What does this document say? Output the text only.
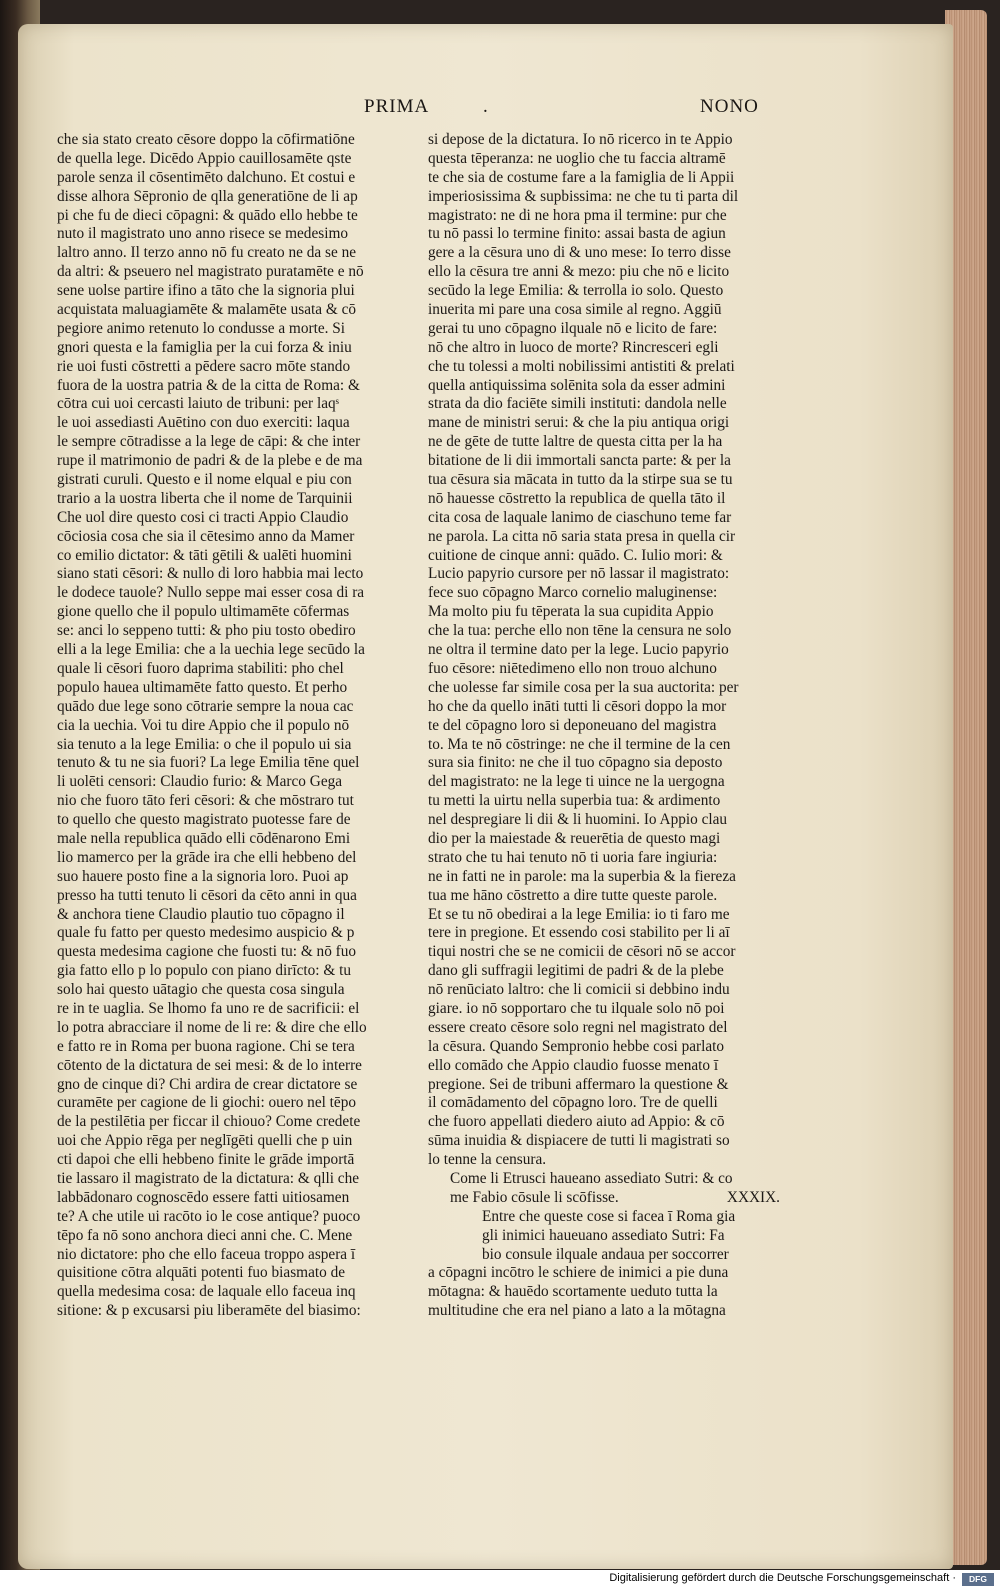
PRIMA	.	NONO
che sia stato creato cēsore doppo la cōfirmatiōne
de quella lege. Dicēdo Appio cauillosamēte qste
parole senza il cōsentimēto dalchuno. Et costui e
disse alhora Sēpronio de qlla generatiōne de li ap
pi che fu de dieci cōpagni: & quādo ello hebbe te
nuto il magistrato uno anno risece se medesimo
laltro anno. Il terzo anno nō fu creato ne da se ne
da altri: & pseuero nel magistrato puratamēte e nō
sene uolse partire ifino a tāto che la signoria plui
acquistata maluagiamēte & malamēte usata & cō
pegiore animo retenuto lo condusse a morte. Si
gnori questa e la famiglia per la cui forza & iniu
rie uoi fusti cōstretti a pēdere sacro mōte stando
fuora de la uostra patria & de la citta de Roma: &
cōtra cui uoi cercasti laiuto de tribuni: per laqˢ
le uoi assediasti Auētino con duo exerciti: laqua
le sempre cōtradisse a la lege de cāpi: & che inter
rupe il matrimonio de padri & de la plebe e de ma
gistrati curuli. Questo e il nome elqual e piu con
trario a la uostra liberta che il nome de Tarquinii
Che uol dire questo cosi ci tracti Appio Claudio
cōciosia cosa che sia il cētesimo anno da Mamer
co emilio dictator: & tāti gētili & ualēti huomini
siano stati cēsori: & nullo di loro habbia mai lecto
le dodece tauole? Nullo seppe mai esser cosa di ra
gione quello che il populo ultimamēte cōfermas
se: anci lo seppeno tutti: & pho piu tosto obediro
elli a la lege Emilia: che a la uechia lege secūdo la
quale li cēsori fuoro daprima stabiliti: pho chel
populo hauea ultimamēte fatto questo. Et perho
quādo due lege sono cōtrarie sempre la noua cac
cia la uechia. Voi tu dire Appio che il populo nō
sia tenuto a la lege Emilia: o che il populo ui sia
tenuto & tu ne sia fuori? La lege Emilia tēne quel
li uolēti censori: Claudio furio: & Marco Gega
nio che fuoro tāto feri cēsori: & che mōstraro tut
to quello che questo magistrato puotesse fare de
male nella republica quādo elli cōdēnarono Emi
lio mamerco per la grāde ira che elli hebbeno del
suo hauere posto fine a la signoria loro. Puoi ap
presso ha tutti tenuto li cēsori da cēto anni in qua
& anchora tiene Claudio plautio tuo cōpagno il
quale fu fatto per questo medesimo auspicio & p
questa medesima cagione che fuosti tu: & nō fuo
gia fatto ello p lo populo con piano dirīcto: & tu
solo hai questo uātagio che questa cosa singula
re in te uaglia. Se lhomo fa uno re de sacrificii: el
lo potra abracciare il nome de li re: & dire che ello
e fatto re in Roma per buona ragione. Chi se tera
cōtento de la dictatura de sei mesi: & de lo interre
gno de cinque di? Chi ardira de crear dictatore se
curamēte per cagione de li giochi: ouero nel tēpo
de la pestilētia per ficcar il chiouo? Come credete
uoi che Appio rēga per neglīgēti quelli che p uin
cti dapoi che elli hebbeno finite le grāde importā
tie lassaro il magistrato de la dictatura: & qlli che
labbādonaro cognoscēdo essere fatti uitiosamen
te? A che utile ui racōto io le cose antique? puoco
tēpo fa nō sono anchora dieci anni che. C. Mene
nio dictatore: pho che ello faceua troppo aspera ī
quisitione cōtra alquāti potenti fuo biasmato de
quella medesima cosa: de laquale ello faceua inq
sitione: & p excusarsi piu liberamēte del biasimo:
si depose de la dictatura. Io nō ricerco in te Appio
questa tēperanza: ne uoglio che tu faccia altramē
te che sia de costume fare a la famiglia de li Appii
imperiosissima & supbissima: ne che tu ti parta dil
magistrato: ne di ne hora pma il termine: pur che
tu nō passi lo termine finito: assai basta de agiun
gere a la cēsura uno di & uno mese: Io terro disse
ello la cēsura tre anni & mezo: piu che nō e licito
secūdo la lege Emilia: & terrolla io solo. Questo
inuerita mi pare una cosa simile al regno. Aggiū
gerai tu uno cōpagno ilquale nō e licito de fare:
nō che altro in luoco de morte? Rincresceri egli
che tu tolessi a molti nobilissimi antistiti & prelati
quella antiquissima solēnita sola da esser admini
strata da dio faciēte simili instituti: dandola nelle
mane de ministri serui: & che la piu antiqua origi
ne de gēte de tutte laltre de questa citta per la ha
bitatione de li dii immortali sancta parte: & per la
tua cēsura sia mācata in tutto da la stirpe sua se tu
nō hauesse cōstretto la republica de quella tāto il
cita cosa de laquale lanimo de ciaschuno teme far
ne parola. La citta nō saria stata presa in quella cir
cuitione de cinque anni: quādo. C. Iulio mori: &
Lucio papyrio cursore per nō lassar il magistrato:
fece suo cōpagno Marco cornelio maluginense:
Ma molto piu fu tēperata la sua cupidita Appio
che la tua: perche ello non tēne la censura ne solo
ne oltra il termine dato per la lege. Lucio papyrio
fuo cēsore: niētedimeno ello non trouo alchuno
che uolesse far simile cosa per la sua auctorita: per
ho che da quello ināti tutti li cēsori doppo la mor
te del cōpagno loro si deponeuano del magistra
to. Ma te nō cōstringe: ne che il termine de la cen
sura sia finito: ne che il tuo cōpagno sia deposto
del magistrato: ne la lege ti uince ne la uergogna
tu metti la uirtu nella superbia tua: & ardimento
nel despregiare li dii & li huomini. Io Appio clau
dio per la maiestade & reuerētia de questo magi
strato che tu hai tenuto nō ti uoria fare ingiuria:
ne in fatti ne in parole: ma la superbia & la fiereza
tua me hāno cōstretto a dire tutte queste parole.
Et se tu nō obedirai a la lege Emilia: io ti faro me
tere in pregione. Et essendo cosi stabilito per li aī
tiqui nostri che se ne comicii de cēsori nō se accor
dano gli suffragii legitimi de padri & de la plebe
nō renūciato laltro: che li comicii si debbino indu
giare. io nō sopportaro che tu ilquale solo nō poi
essere creato cēsore solo regni nel magistrato del
la cēsura. Quando Sempronio hebbe cosi parlato
ello comādo che Appio claudio fuosse menato ī
pregione. Sei de tribuni affermaro la questione &
il comādamento del cōpagno loro. Tre de quelli
che fuoro appellati diedero aiuto ad Appio: & cō
sūma inuidia & dispiacere de tutti li magistrati so
lo tenne la censura.
Come li Etrusci haueano assediato Sutri: & co
me Fabio cōsule li scōfisse.	XXXIX.
Entre che queste cose si facea ī Roma gia
gli inimici haueuano assediato Sutri: Fa
bio consule ilquale andaua per soccorrer
a cōpagni incōtro le schiere de inimici a pie duna
mōtagna: & hauēdo scortamente ueduto tutta la
multitudine che era nel piano a lato a la mōtagna
Digitalisierung gefördert durch die Deutsche Forschungsgemeinschaft ·	DFG
